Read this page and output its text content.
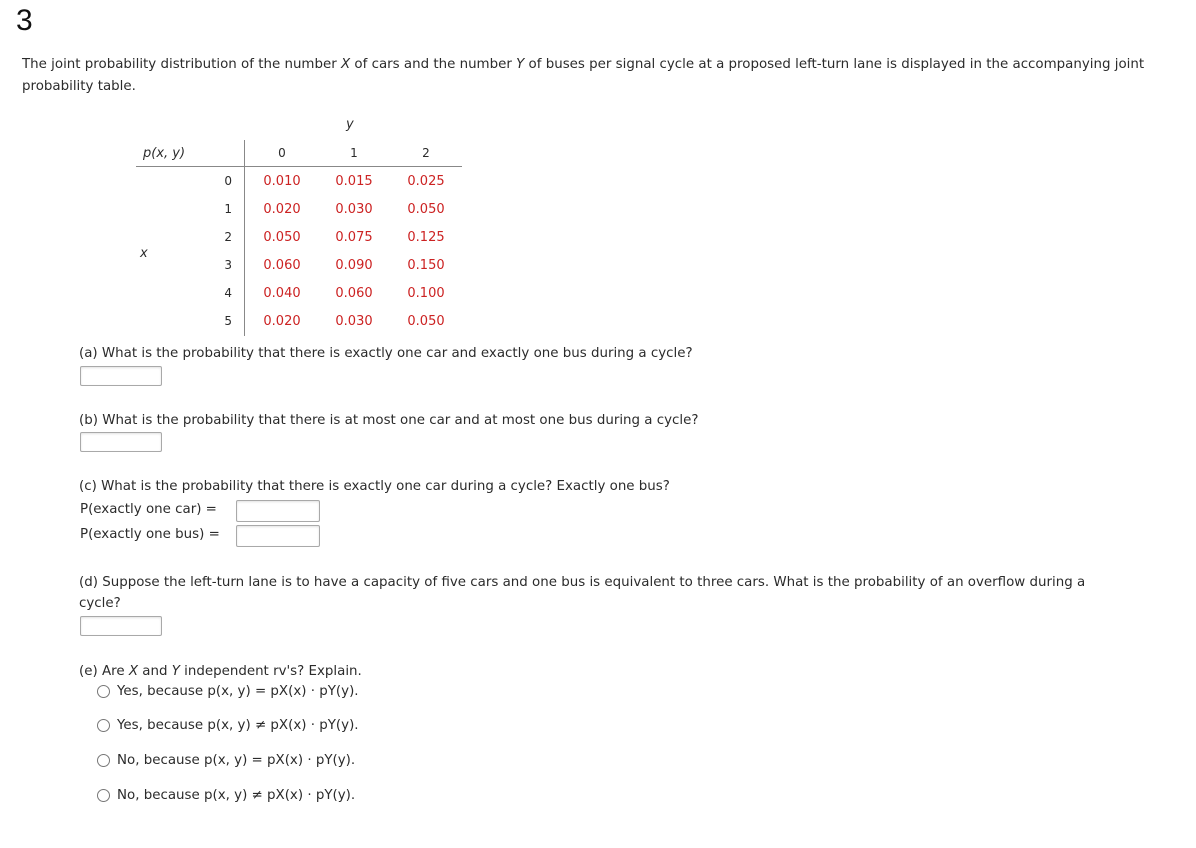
3
The joint probability distribution of the number X of cars and the number Y of buses per signal cycle at a proposed left-turn lane is displayed in the accompanying joint probability table.
y
p(x, y)	0	1	2
x
0	0.010	0.015	0.025
1	0.020	0.030	0.050
2	0.050	0.075	0.125
3	0.060	0.090	0.150
4	0.040	0.060	0.100
5	0.020	0.030	0.050
(a) What is the probability that there is exactly one car and exactly one bus during a cycle?
(b) What is the probability that there is at most one car and at most one bus during a cycle?
(c) What is the probability that there is exactly one car during a cycle? Exactly one bus?
P(exactly one car) =
P(exactly one bus) =
(d) Suppose the left-turn lane is to have a capacity of five cars and one bus is equivalent to three cars. What is the probability of an overflow during a
cycle?
(e) Are X and Y independent rv's? Explain.
Yes, because p(x, y) = pX(x) · pY(y).
Yes, because p(x, y) ≠ pX(x) · pY(y).
No, because p(x, y) = pX(x) · pY(y).
No, because p(x, y) ≠ pX(x) · pY(y).
